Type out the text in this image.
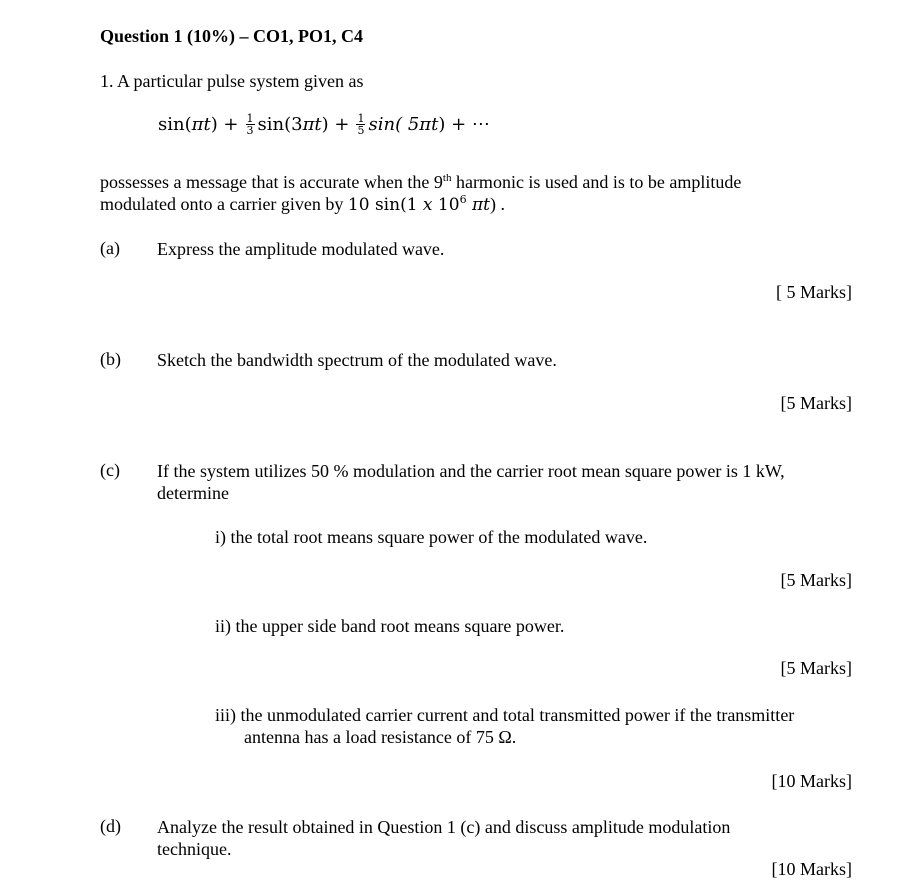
Question 1 (10%) – CO1, PO1, C4
1. A particular pulse system given as
sin( πt ) + $\frac{1}{3} \sin(3$ πt ) + $\frac{1}{5} \sin$( 5 πt ) + ⋯
possesses a message that is accurate when the 9th harmonic is used and is to be amplitude
modulated onto a carrier given by 10 sin(1 x $10^6$ πt) .
(a) Express the amplitude modulated wave.
[ 5 Marks]
(b) Sketch the bandwidth spectrum of the modulated wave.
[5 Marks]
(c) If the system utilizes 50 % modulation and the carrier root mean square power is 1 kW,
determine
i) the total root means square power of the modulated wave.
[5 Marks]
ii) the upper side band root means square power.
[5 Marks]
iii) the unmodulated carrier current and total transmitted power if the transmitter
antenna has a load resistance of 75 Ω.
[10 Marks]
(d) Analyze the result obtained in Question 1 (c) and discuss amplitude modulation
technique.
[10 Marks]
